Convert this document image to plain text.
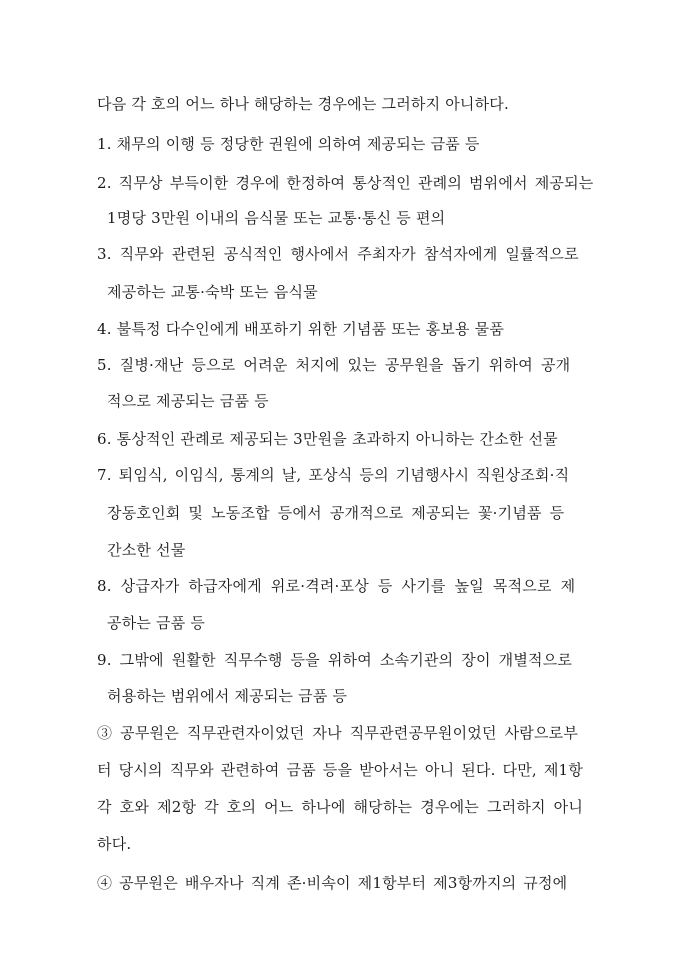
다음 각 호의 어느 하나 해당하는 경우에는 그러하지 아니하다.
1. 채무의 이행 등 정당한 권원에 의하여 제공되는 금품 등
2. 직무상 부득이한 경우에 한정하여 통상적인 관례의 범위에서 제공되는
1명당 3만원 이내의 음식물 또는 교통·통신 등 편의
3. 직무와 관련된 공식적인 행사에서 주최자가 참석자에게 일률적으로
제공하는 교통·숙박 또는 음식물
4. 불특정 다수인에게 배포하기 위한 기념품 또는 홍보용 물품
5. 질병·재난 등으로 어려운 처지에 있는 공무원을 돕기 위하여 공개
적으로 제공되는 금품 등
6. 통상적인 관례로 제공되는 3만원을 초과하지 아니하는 간소한 선물
7. 퇴임식, 이임식, 통계의 날, 포상식 등의 기념행사시 직원상조회·직
장동호인회 및 노동조합 등에서 공개적으로 제공되는 꽃·기념품 등
간소한 선물
8. 상급자가 하급자에게 위로·격려·포상 등 사기를 높일 목적으로 제
공하는 금품 등
9. 그밖에 원활한 직무수행 등을 위하여 소속기관의 장이 개별적으로
허용하는 범위에서 제공되는 금품 등
③ 공무원은 직무관련자이었던 자나 직무관련공무원이었던 사람으로부
터 당시의 직무와 관련하여 금품 등을 받아서는 아니 된다. 다만, 제1항
각 호와 제2항 각 호의 어느 하나에 해당하는 경우에는 그러하지 아니
하다.
④ 공무원은 배우자나 직계 존·비속이 제1항부터 제3항까지의 규정에
